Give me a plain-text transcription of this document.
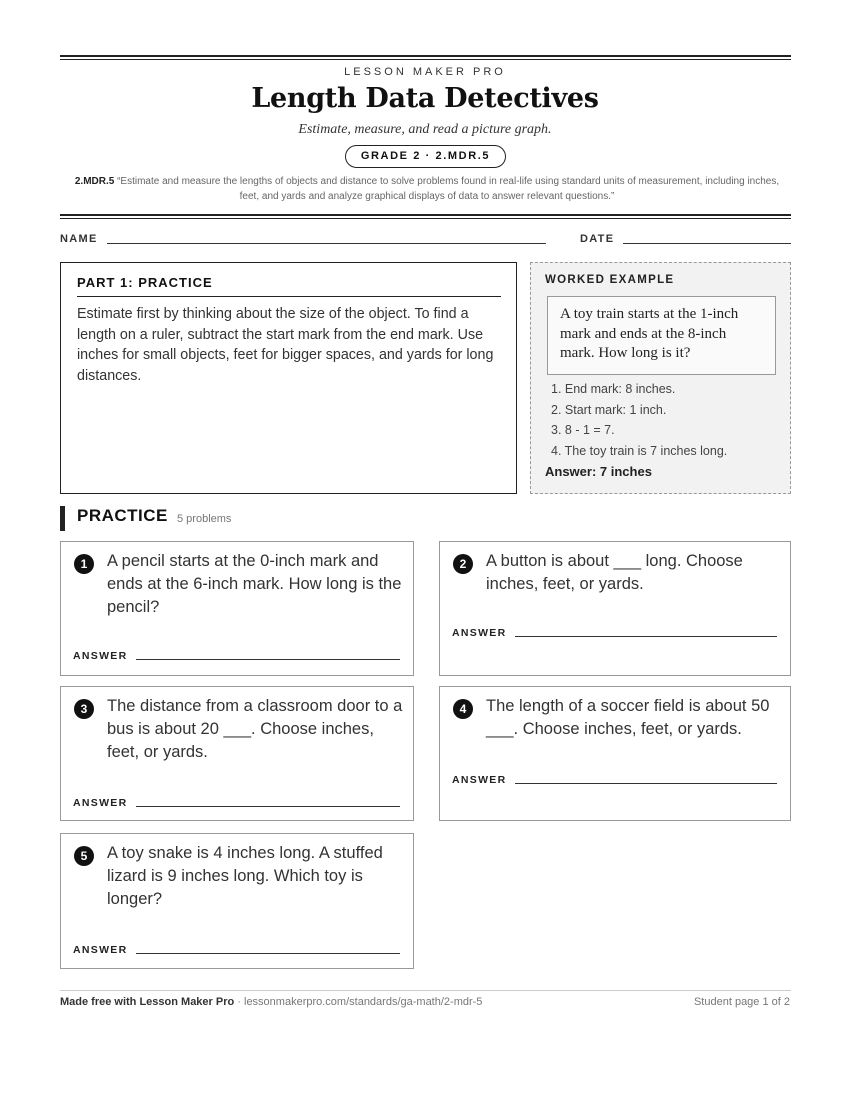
LESSON MAKER PRO
Length Data Detectives
Estimate, measure, and read a picture graph.
GRADE 2 · 2.MDR.5
2.MDR.5 “Estimate and measure the lengths of objects and distance to solve problems found in real-life using standard units of measurement, including inches, feet, and yards and analyze graphical displays of data to answer relevant questions.”
NAME	DATE
PART 1: PRACTICE
Estimate first by thinking about the size of the object. To find a length on a ruler, subtract the start mark from the end mark. Use inches for small objects, feet for bigger spaces, and yards for long distances.
WORKED EXAMPLE
A toy train starts at the 1-inch mark and ends at the 8-inch mark. How long is it?
1. End mark: 8 inches.
2. Start mark: 1 inch.
3. 8 - 1 = 7.
4. The toy train is 7 inches long.
Answer: 7 inches
PRACTICE 5 problems
1	A pencil starts at the 0-inch mark and ends at the 6-inch mark. How long is the pencil?
ANSWER
2	A button is about ___ long. Choose inches, feet, or yards.
ANSWER
3	The distance from a classroom door to a bus is about 20 ___. Choose inches, feet, or yards.
ANSWER
4	The length of a soccer field is about 50 ___. Choose inches, feet, or yards.
ANSWER
5	A toy snake is 4 inches long. A stuffed lizard is 9 inches long. Which toy is longer?
ANSWER
Made free with Lesson Maker Pro · lessonmakerpro.com/standards/ga-math/2-mdr-5	Student page 1 of 2
